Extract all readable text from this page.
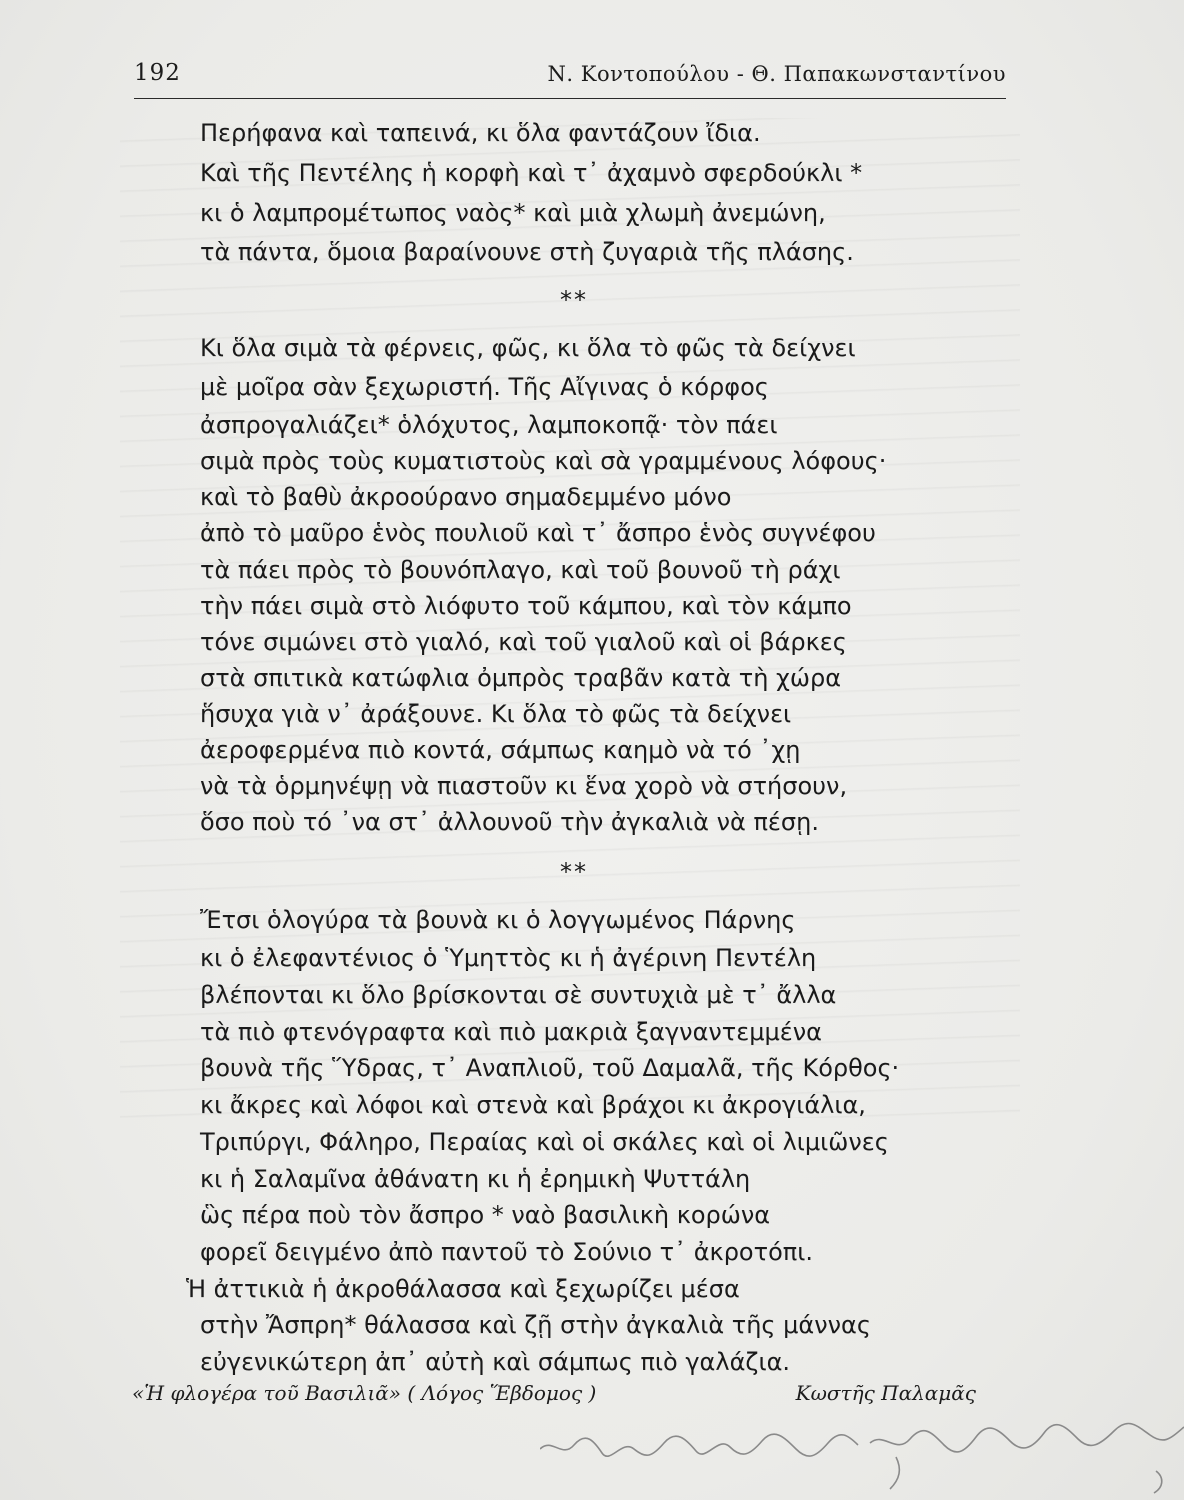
192	Ν. Κοντοπούλου - Θ. Παπακωνσταντίνου
Περήφανα καὶ ταπεινά, κι ὅλα φαντάζουν ἴδια.
Καὶ τῆς Πεντέλης ἡ κορφὴ καὶ τ᾿ ἀχαμνὸ σφερδούκλι *
κι ὁ λαμπρομέτωπος ναὸς* καὶ μιὰ χλωμὴ ἀνεμώνη,
τὰ πάντα, ὅμοια βαραίνουνε στὴ ζυγαριὰ τῆς πλάσης.
**
Κι ὅλα σιμὰ τὰ φέρνεις, φῶς, κι ὅλα τὸ φῶς τὰ δείχνει
μὲ μοῖρα σὰν ξεχωριστή. Τῆς Αἴγινας ὁ κόρφος
ἀσπρογαλιάζει* ὁλόχυτος, λαμποκοπᾷ· τὸν πάει
σιμὰ πρὸς τοὺς κυματιστοὺς καὶ σὰ γραμμένους λόφους·
καὶ τὸ βαθὺ ἀκροούρανο σημαδεμμένο μόνο
ἀπὸ τὸ μαῦρο ἑνὸς πουλιοῦ καὶ τ᾿ ἄσπρο ἑνὸς συγνέφου
τὰ πάει πρὸς τὸ βουνόπλαγο, καὶ τοῦ βουνοῦ τὴ ράχι
τὴν πάει σιμὰ στὸ λιόφυτο τοῦ κάμπου, καὶ τὸν κάμπο
τόνε σιμώνει στὸ γιαλό, καὶ τοῦ γιαλοῦ καὶ οἱ βάρκες
στὰ σπιτικὰ κατώφλια ὀμπρὸς τραβᾶν κατὰ τὴ χώρα
ἥσυχα γιὰ ν᾿ ἀράξουνε. Κι ὅλα τὸ φῶς τὰ δείχνει
ἀεροφερμένα πιὸ κοντά, σάμπως καημὸ νὰ τό ᾿χῃ
νὰ τὰ ὁρμηνέψῃ νὰ πιαστοῦν κι ἕνα χορὸ νὰ στήσουν,
ὅσο ποὺ τό ᾿να στ᾿ ἀλλουνοῦ τὴν ἀγκαλιὰ νὰ πέσῃ.
**
Ἔτσι ὁλογύρα τὰ βουνὰ κι ὁ λογγωμένος Πάρνης
κι ὁ ἐλεφαντένιος ὁ Ὑμηττὸς κι ἡ ἀγέρινη Πεντέλη
βλέπονται κι ὅλο βρίσκονται σὲ συντυχιὰ μὲ τ᾿ ἄλλα
τὰ πιὸ φτενόγραφτα καὶ πιὸ μακριὰ ξαγναντεμμένα
βουνὰ τῆς Ὕδρας, τ᾿ Αναπλιοῦ, τοῦ Δαμαλᾶ, τῆς Κόρθος·
κι ἄκρες καὶ λόφοι καὶ στενὰ καὶ βράχοι κι ἀκρογιάλια,
Τριπύργι, Φάληρο, Περαίας καὶ οἱ σκάλες καὶ οἱ λιμιῶνες
κι ἡ Σαλαμῖνα ἀθάνατη κι ἡ ἐρημικὴ Ψυττάλη
ὣς πέρα ποὺ τὸν ἄσπρο * ναὸ βασιλικὴ κορώνα
φορεῖ δειγμένο ἀπὸ παντοῦ τὸ Σούνιο τ᾿ ἀκροτόπι.
Ἡ ἀττικιὰ ἡ ἀκροθάλασσα καὶ ξεχωρίζει μέσα
στὴν Ἄσπρη* θάλασσα καὶ ζῇ στὴν ἀγκαλιὰ τῆς μάννας
εὐγενικώτερη ἀπ᾿ αὐτὴ καὶ σάμπως πιὸ γαλάζια.
«Ἡ φλογέρα τοῦ Βασιλιᾶ» ( Λόγος Ἕβδομος )	Κωστῆς Παλαμᾶς
